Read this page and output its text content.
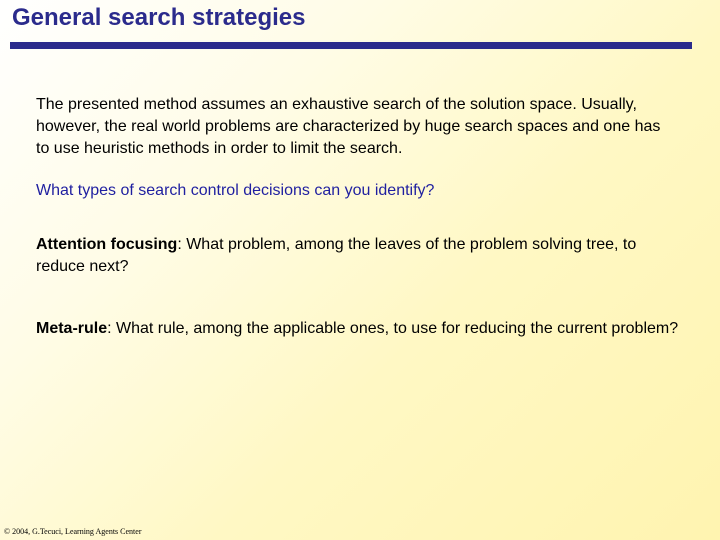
General search strategies

The presented method assumes an exhaustive search of the solution space. Usually, however, the real world problems are characterized by huge search spaces and one has to use heuristic methods in order to limit the search.

What types of search control decisions can you identify?

Attention focusing: What problem, among the leaves of the problem solving tree, to reduce next?

Meta-rule: What rule, among the applicable ones, to use for reducing the current problem?

© 2004, G.Tecuci, Learning Agents Center
